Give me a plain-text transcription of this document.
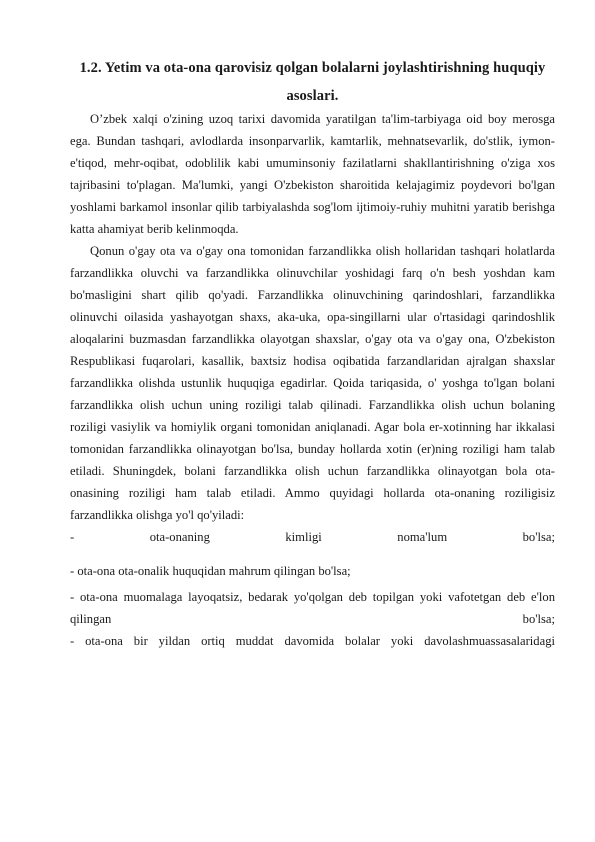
1.2. Yetim va ota-ona qarovisiz qolgan bolalarni joylashtirishning huquqiy asoslari.

O’zbek xalqi o'zining uzoq tarixi davomida yaratilgan ta'lim-tarbiyaga oid boy merosga ega. Bundan tashqari, avlodlarda insonparvarlik, kamtarlik, mehnatsevarlik, do'stlik, iymon-e'tiqod, mehr-oqibat, odoblilik kabi umuminsoniy fazilatlarni shakllantirishning o'ziga xos tajribasini to'plagan. Ma'lumki, yangi O'zbekiston sharoitida kelajagimiz poydevori bo'lgan yoshlami barkamol insonlar qilib tarbiyalashda sog'lom ijtimoiy-ruhiy muhitni yaratib berishga katta ahamiyat berib kelinmoqda.

Qonun o'gay ota va o'gay ona tomonidan farzandlikka olish hollaridan tashqari holatlarda farzandlikka oluvchi va farzandlikka olinuvchilar yoshidagi farq o'n besh yoshdan kam bo'masligini shart qilib qo'yadi. Farzandlikka olinuvchining qarindoshlari, farzandlikka olinuvchi oilasida yashayotgan shaxs, aka-uka, opa-singillarni ular o'rtasidagi qarindoshlik aloqalarini buzmasdan farzandlikka olayotgan shaxslar, o'gay ota va o'gay ona, O'zbekiston Respublikasi fuqarolari, kasallik, baxtsiz hodisa oqibatida farzandlaridan ajralgan shaxslar farzandlikka olishda ustunlik huquqiga egadirlar. Qoida tariqasida, o' yoshga to'lgan bolani farzandlikka olish uchun uning roziligi talab qilinadi. Farzandlikka olish uchun bolaning roziligi vasiylik va homiylik organi tomonidan aniqlanadi. Agar bola er-xotinning har ikkalasi tomonidan farzandlikka olinayotgan bo'lsa, bunday hollarda xotin (er)ning roziligi ham talab etiladi. Shuningdek, bolani farzandlikka olish uchun farzandlikka olinayotgan bola ota-onasining roziligi ham talab etiladi. Ammo quyidagi hollarda ota-onaning roziligisiz farzandlikka olishga yo'l qo'yiladi:

- ota-onaning kimligi noma'lum bo'lsa;

- ota-ona ota-onalik huquqidan mahrum qilingan bo'lsa;

- ota-ona muomalaga layoqatsiz, bedarak yo'qolgan deb topilgan yoki vafotetgan deb e'lon qilingan bo'lsa;

- ota-ona bir yildan ortiq muddat davomida bolalar yoki davolashmuassasalaridagi
